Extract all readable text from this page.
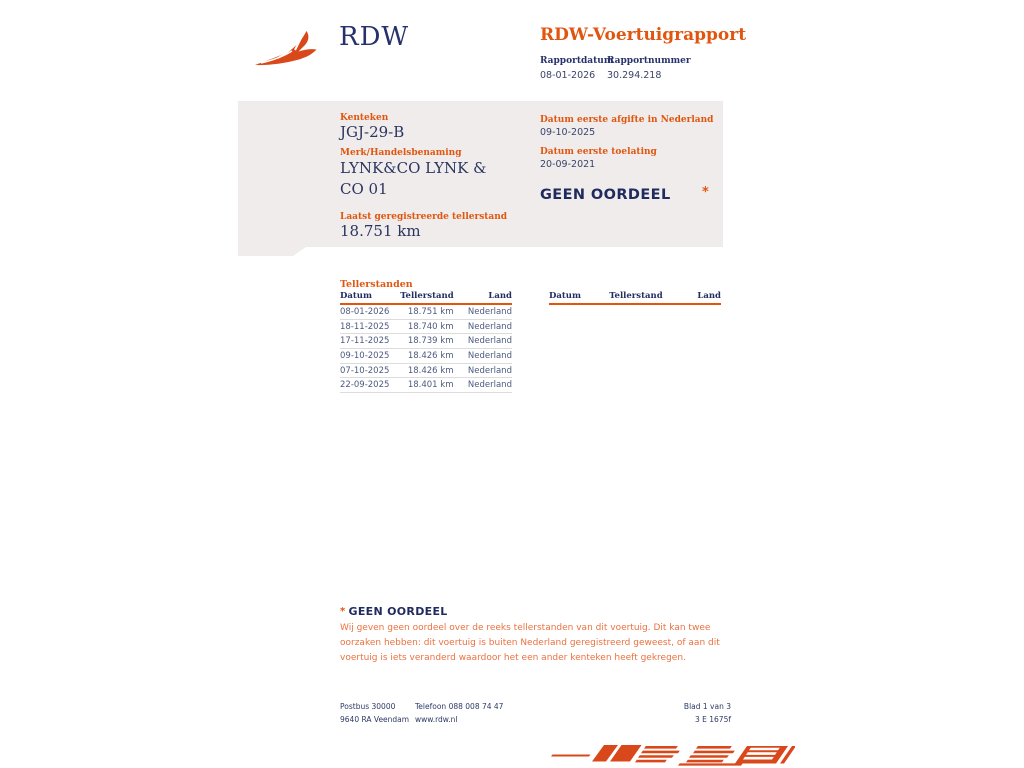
RDW	RDW-Voertuigrapport
Rapportdatum
08-01-2026
Rapportnummer
30.294.218
Kenteken
JGJ-29-B
Merk/Handelsbenaming
LYNK&CO LYNK &
CO 01
Laatst geregistreerde tellerstand
18.751 km
Datum eerste afgifte in Nederland
09-10-2025
Datum eerste toelating
20-09-2021
GEEN OORDEEL *
Tellerstanden
Datum	Tellerstand	Land
08-01-2026	18.751 km	Nederland
18-11-2025	18.740 km	Nederland
17-11-2025	18.739 km	Nederland
09-10-2025	18.426 km	Nederland
07-10-2025	18.426 km	Nederland
22-09-2025	18.401 km	Nederland
Datum	Tellerstand	Land
* GEEN OORDEEL
Wij geven geen oordeel over de reeks tellerstanden van dit voertuig. Dit kan twee oorzaken hebben: dit voertuig is buiten Nederland geregistreerd geweest, of aan dit voertuig is iets veranderd waardoor het een ander kenteken heeft gekregen.
Postbus 30000
9640 RA Veendam
Telefoon 088 008 74 47
www.rdw.nl
Blad 1 van 3
3 E 1675f
